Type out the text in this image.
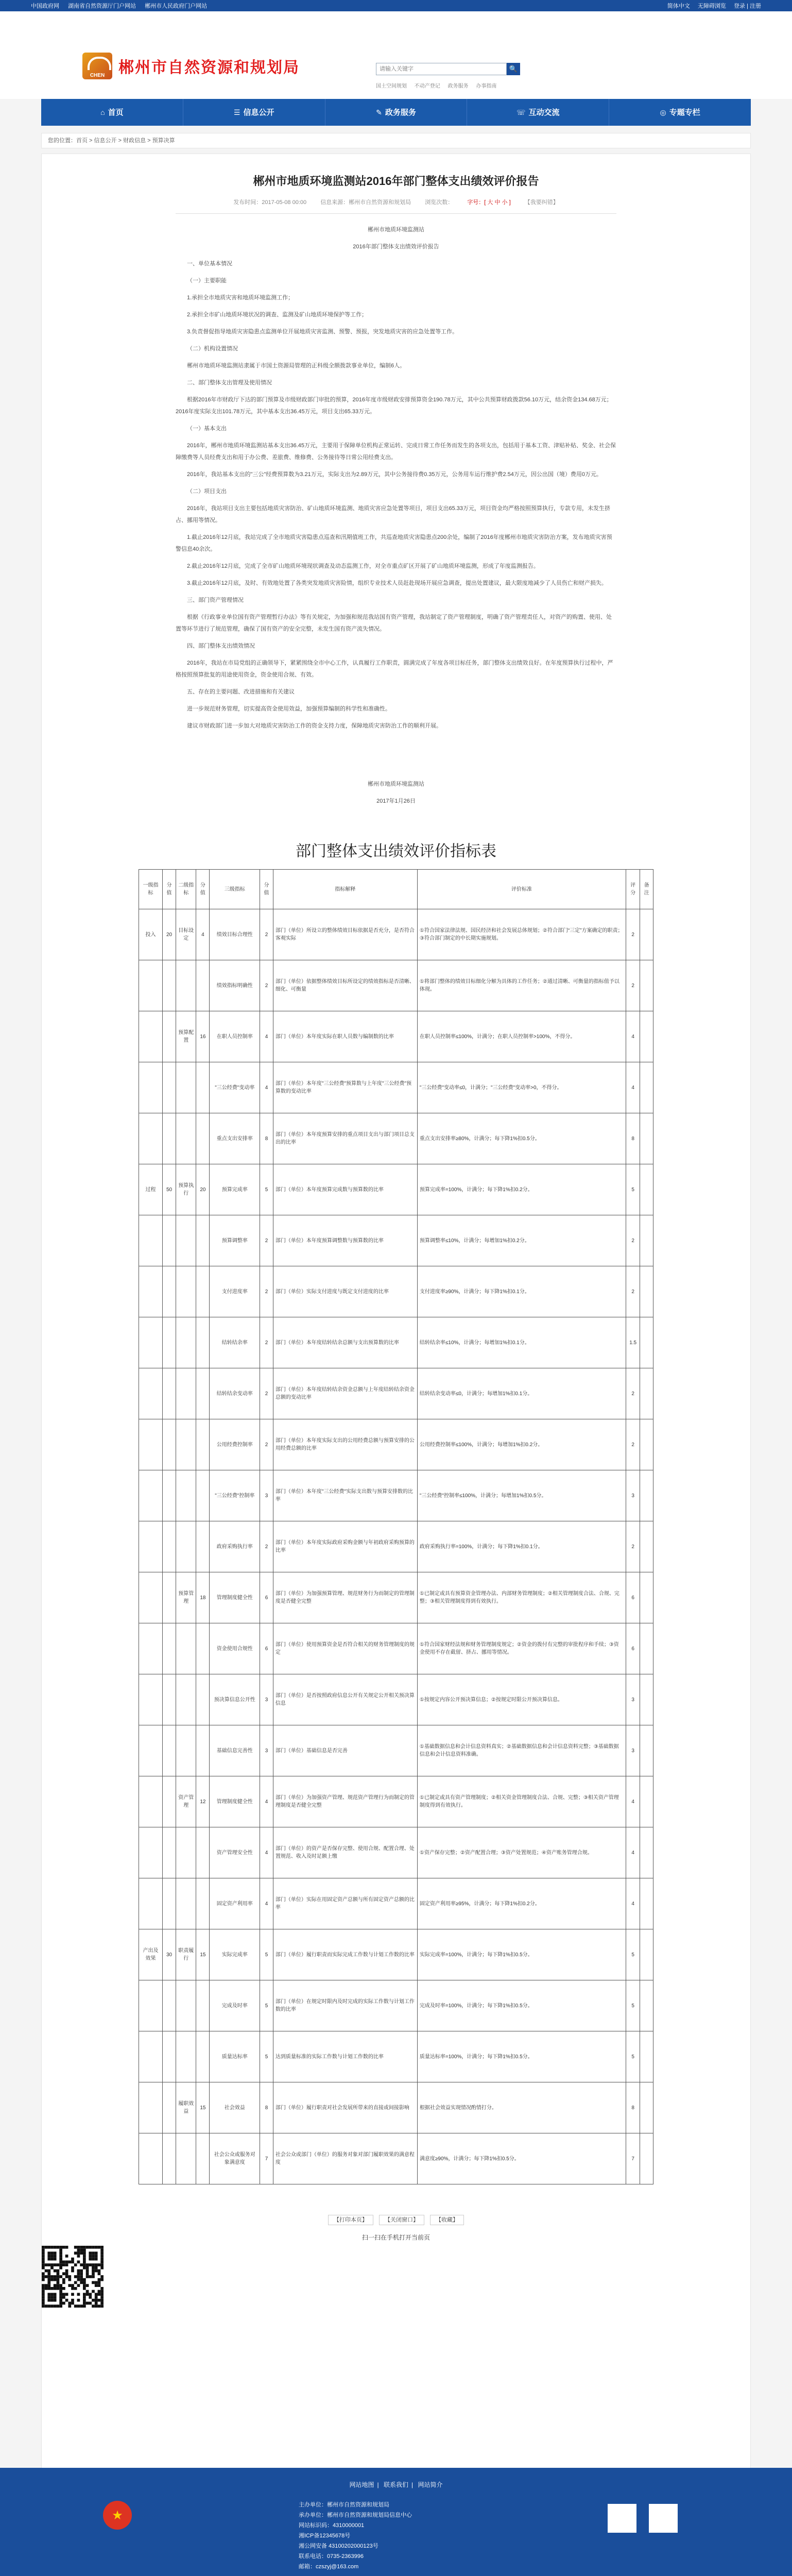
中国政府网 湖南省自然资源厅门户网站 郴州市人民政府门户网站	简体中文 无障碍浏览 登录 | 注册
CHEN 郴州市自然资源和规划局
请输入关键字	🔍
国土空间规划 不动产登记 政务服务 办事指南
⌂ 首页	☰ 信息公开	✎ 政务服务	☏ 互动交流	◎ 专题专栏
您的位置：首页 > 信息公开 > 财政信息 > 预算决算
郴州市地质环境监测站2016年部门整体支出绩效评价报告
发布时间：2017-05-08 00:00 信息来源：郴州市自然资源和规划局 浏览次数： 字号：[ 大 中 小 ] 【我要纠错】

郴州市地质环境监测站

2016年部门整体支出绩效评价报告

一、单位基本情况

（一）主要职能

1.承担全市地质灾害和地质环境监测工作；

2.承担全市矿山地质环境状况的调查、监测及矿山地质环境保护等工作；

3.负责督促指导地质灾害隐患点监测单位开展地质灾害监测、预警、预报，突发地质灾害的应急处置等工作。

（二）机构设置情况

郴州市地质环境监测站隶属于市国土资源局管理的正科级全额拨款事业单位，编制6人。

二、部门整体支出管理及使用情况

根据2016年市财政厅下达的部门预算及市级财政部门审批的预算，2016年度市级财政安排预算资金190.78万元，其中公共预算财政拨款56.10万元，结余资金134.68万元；2016年度实际支出101.78万元，其中基本支出36.45万元，项目支出65.33万元。

（一）基本支出

2016年，郴州市地质环境监测站基本支出36.45万元，主要用于保障单位机构正常运转、完成日常工作任务而发生的各项支出，包括用于基本工资、津贴补贴、奖金、社会保障缴费等人员经费支出和用于办公费、差旅费、维修费、公务接待等日常公用经费支出。

2016年，我站基本支出的"三公"经费预算数为3.21万元，实际支出为2.89万元，其中公务接待费0.35万元，公务用车运行维护费2.54万元，因公出国（境）费用0万元。

（二）项目支出

2016年，我站项目支出主要包括地质灾害防治、矿山地质环境监测、地质灾害应急处置等项目，项目支出65.33万元，项目资金均严格按照预算执行，专款专用，未发生挤占、挪用等情况。

1.截止2016年12月底，我站完成了全市地质灾害隐患点巡查和汛期值班工作，共巡查地质灾害隐患点200余处，编制了2016年度郴州市地质灾害防治方案，发布地质灾害预警信息40余次。

2.截止2016年12月底，完成了全市矿山地质环境现状调查及动态监测工作，对全市重点矿区开展了矿山地质环境监测，形成了年度监测报告。

3.截止2016年12月底，及时、有效地处置了各类突发地质灾害险情，组织专业技术人员赶赴现场开展应急调查，提出处置建议，最大限度地减少了人员伤亡和财产损失。

三、部门资产管理情况

根据《行政事业单位国有资产管理暂行办法》等有关规定，为加强和规范我站国有资产管理，我站制定了资产管理制度，明确了资产管理责任人，对资产的购置、使用、处置等环节进行了规范管理，确保了国有资产的安全完整，未发生国有资产流失情况。

四、部门整体支出绩效情况

2016年，我站在市局党组的正确领导下，紧紧围绕全市中心工作，认真履行工作职责，圆满完成了年度各项目标任务，部门整体支出绩效良好。在年度预算执行过程中，严格按照预算批复的用途使用资金，资金使用合规、有效。

五、存在的主要问题、改进措施和有关建议

进一步规范财务管理，切实提高资金使用效益，加强预算编制的科学性和准确性。

建议市财政部门进一步加大对地质灾害防治工作的资金支持力度，保障地质灾害防治工作的顺利开展。

郴州市地质环境监测站

2017年1月26日

部门整体支出绩效评价指标表
一级指标	分值	二级指标	分值	三级指标	分值	指标解释	评价标准	评分	备注
投入	20	目标设定	4	绩效目标合理性	2	部门（单位）所设立的整体绩效目标依据是否充分，是否符合客观实际	①符合国家法律法规、国民经济和社会发展总体规划；②符合部门“三定”方案确定的职责；③符合部门制定的中长期实施规划。	2	
				绩效指标明确性	2	部门（单位）依据整体绩效目标所设定的绩效指标是否清晰、细化、可衡量	①将部门整体的绩效目标细化分解为具体的工作任务；②通过清晰、可衡量的指标值予以体现。	2	
		预算配置	16	在职人员控制率	4	部门（单位）本年度实际在职人员数与编制数的比率	在职人员控制率≤100%，计满分；在职人员控制率>100%，不得分。	4	
				"三公经费"变动率	4	部门（单位）本年度"三公经费"预算数与上年度"三公经费"预算数的变动比率	"三公经费"变动率≤0，计满分；"三公经费"变动率>0，不得分。	4	
				重点支出安排率	8	部门（单位）本年度预算安排的重点项目支出与部门项目总支出的比率	重点支出安排率≥80%，计满分；每下降1%扣0.5分。	8	
过程	50	预算执行	20	预算完成率	5	部门（单位）本年度预算完成数与预算数的比率	预算完成率=100%，计满分；每下降1%扣0.2分。	5	
				预算调整率	2	部门（单位）本年度预算调整数与预算数的比率	预算调整率≤10%，计满分；每增加1%扣0.2分。	2	
				支付进度率	2	部门（单位）实际支付进度与既定支付进度的比率	支付进度率≥90%，计满分；每下降1%扣0.1分。	2	
				结转结余率	2	部门（单位）本年度结转结余总额与支出预算数的比率	结转结余率≤10%，计满分；每增加1%扣0.1分。	1.5	
				结转结余变动率	2	部门（单位）本年度结转结余资金总额与上年度结转结余资金总额的变动比率	结转结余变动率≤0，计满分；每增加1%扣0.1分。	2	
				公用经费控制率	2	部门（单位）本年度实际支出的公用经费总额与预算安排的公用经费总额的比率	公用经费控制率≤100%，计满分；每增加1%扣0.2分。	2	
				"三公经费"控制率	3	部门（单位）本年度"三公经费"实际支出数与预算安排数的比率	"三公经费"控制率≤100%，计满分；每增加1%扣0.5分。	3	
				政府采购执行率	2	部门（单位）本年度实际政府采购金额与年初政府采购预算的比率	政府采购执行率=100%，计满分；每下降1%扣0.1分。	2	
		预算管理	18	管理制度健全性	6	部门（单位）为加强预算管理、规范财务行为而制定的管理制度是否健全完整	①已制定或具有预算资金管理办法、内部财务管理制度；②相关管理制度合法、合规、完整；③相关管理制度得到有效执行。	6	
				资金使用合规性	6	部门（单位）使用预算资金是否符合相关的财务管理制度的规定	①符合国家财经法规和财务管理制度规定；②资金的拨付有完整的审批程序和手续；③资金使用不存在截留、挤占、挪用等情况。	6	
				预决算信息公开性	3	部门（单位）是否按照政府信息公开有关规定公开相关预决算信息	①按规定内容公开预决算信息；②按规定时限公开预决算信息。	3	
				基础信息完善性	3	部门（单位）基础信息是否完善	①基础数据信息和会计信息资料真实；②基础数据信息和会计信息资料完整；③基础数据信息和会计信息资料准确。	3	
		资产管理	12	管理制度健全性	4	部门（单位）为加强资产管理、规范资产管理行为而制定的管理制度是否健全完整	①已制定或具有资产管理制度；②相关资金管理制度合法、合规、完整；③相关资产管理制度得到有效执行。	4	
				资产管理安全性	4	部门（单位）的资产是否保存完整、使用合规、配置合理、处置规范、收入及时足额上缴	①资产保存完整；②资产配置合理；③资产处置规范；④资产账务管理合规。	4	
				固定资产利用率	4	部门（单位）实际在用固定资产总额与所有固定资产总额的比率	固定资产利用率≥95%，计满分；每下降1%扣0.2分。	4	
产出及效果	30	职责履行	15	实际完成率	5	部门（单位）履行职责而实际完成工作数与计划工作数的比率	实际完成率=100%，计满分；每下降1%扣0.5分。	5	
				完成及时率	5	部门（单位）在规定时限内及时完成的实际工作数与计划工作数的比率	完成及时率=100%，计满分；每下降1%扣0.5分。	5	
				质量达标率	5	达到质量标准的实际工作数与计划工作数的比率	质量达标率=100%，计满分；每下降1%扣0.5分。	5	
		履职效益	15	社会效益	8	部门（单位）履行职责对社会发展所带来的直接或间接影响	根据社会效益实现情况酌情打分。	8	
				社会公众或服务对象满意度	7	社会公众或部门（单位）的服务对象对部门履职效果的满意程度	满意度≥90%，计满分；每下降1%扣0.5分。	7	
【打印本页】	【关闭窗口】	【收藏】
扫一扫在手机打开当前页
网站地图 | 联系我们 | 网站简介
★
主办单位：郴州市自然资源和规划局
承办单位：郴州市自然资源和规划局信息中心
网站标识码：4310000001
湘ICP备12345678号
湘公网安备 43100202000123号
联系电话：0735-2363996
邮箱：czszyj@163.com
